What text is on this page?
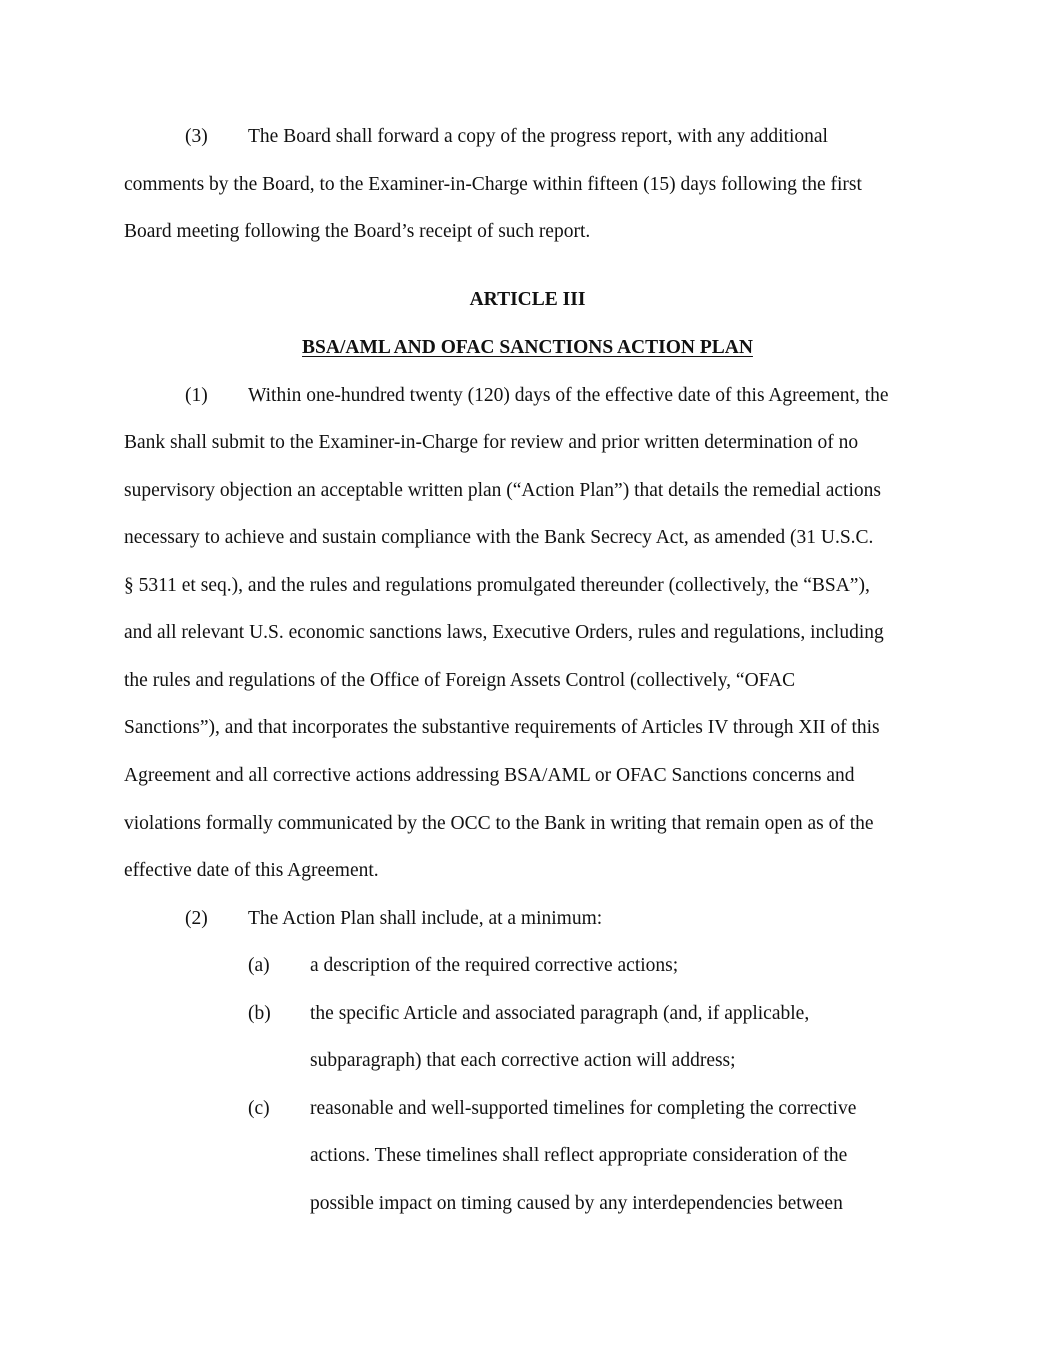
(3) The Board shall forward a copy of the progress report, with any additional
comments by the Board, to the Examiner-in-Charge within fifteen (15) days following the first
Board meeting following the Board’s receipt of such report.
ARTICLE III
BSA/AML AND OFAC SANCTIONS ACTION PLAN
(1) Within one-hundred twenty (120) days of the effective date of this Agreement, the
Bank shall submit to the Examiner-in-Charge for review and prior written determination of no
supervisory objection an acceptable written plan (“Action Plan”) that details the remedial actions
necessary to achieve and sustain compliance with the Bank Secrecy Act, as amended (31 U.S.C.
§ 5311 et seq.), and the rules and regulations promulgated thereunder (collectively, the “BSA”),
and all relevant U.S. economic sanctions laws, Executive Orders, rules and regulations, including
the rules and regulations of the Office of Foreign Assets Control (collectively, “OFAC
Sanctions”), and that incorporates the substantive requirements of Articles IV through XII of this
Agreement and all corrective actions addressing BSA/AML or OFAC Sanctions concerns and
violations formally communicated by the OCC to the Bank in writing that remain open as of the
effective date of this Agreement.
(2) The Action Plan shall include, at a minimum:
(a) a description of the required corrective actions;
(b) the specific Article and associated paragraph (and, if applicable,
subparagraph) that each corrective action will address;
(c) reasonable and well-supported timelines for completing the corrective
actions. These timelines shall reflect appropriate consideration of the
possible impact on timing caused by any interdependencies between
